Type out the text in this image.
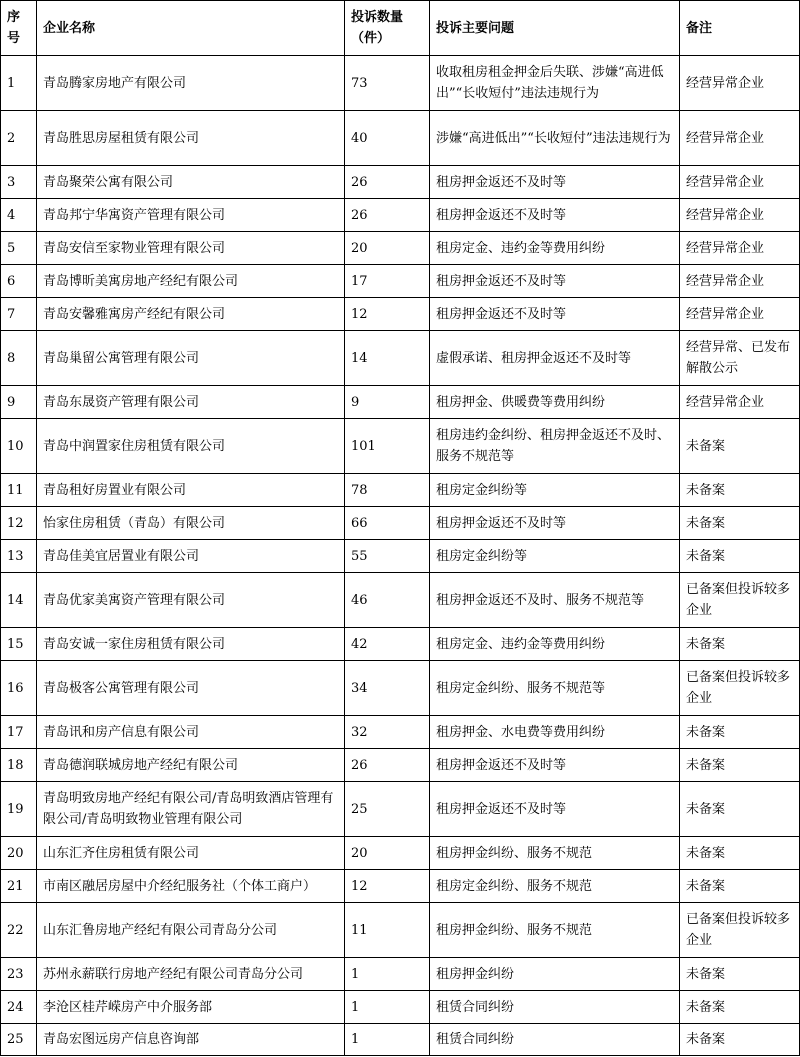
序号	企业名称	投诉数量（件）	投诉主要问题	备注
1	青岛腾家房地产有限公司	73	收取租房租金押金后失联、涉嫌“高进低出”“长收短付”违法违规行为	经营异常企业
2	青岛胜思房屋租赁有限公司	40	涉嫌“高进低出”“长收短付”违法违规行为	经营异常企业
3	青岛聚荣公寓有限公司	26	租房押金返还不及时等	经营异常企业
4	青岛邦宁华寓资产管理有限公司	26	租房押金返还不及时等	经营异常企业
5	青岛安信至家物业管理有限公司	20	租房定金、违约金等费用纠纷	经营异常企业
6	青岛博昕美寓房地产经纪有限公司	17	租房押金返还不及时等	经营异常企业
7	青岛安馨雅寓房产经纪有限公司	12	租房押金返还不及时等	经营异常企业
8	青岛巢留公寓管理有限公司	14	虚假承诺、租房押金返还不及时等	经营异常、已发布解散公示
9	青岛东晟资产管理有限公司	9	租房押金、供暖费等费用纠纷	经营异常企业
10	青岛中润置家住房租赁有限公司	101	租房违约金纠纷、租房押金返还不及时、服务不规范等	未备案
11	青岛租好房置业有限公司	78	租房定金纠纷等	未备案
12	怡家住房租赁（青岛）有限公司	66	租房押金返还不及时等	未备案
13	青岛佳美宜居置业有限公司	55	租房定金纠纷等	未备案
14	青岛优家美寓资产管理有限公司	46	租房押金返还不及时、服务不规范等	已备案但投诉较多企业
15	青岛安诚一家住房租赁有限公司	42	租房定金、违约金等费用纠纷	未备案
16	青岛极客公寓管理有限公司	34	租房定金纠纷、服务不规范等	已备案但投诉较多企业
17	青岛讯和房产信息有限公司	32	租房押金、水电费等费用纠纷	未备案
18	青岛德润联城房地产经纪有限公司	26	租房押金返还不及时等	未备案
19	青岛明致房地产经纪有限公司/青岛明致酒店管理有限公司/青岛明致物业管理有限公司	25	租房押金返还不及时等	未备案
20	山东汇齐住房租赁有限公司	20	租房押金纠纷、服务不规范	未备案
21	市南区融居房屋中介经纪服务社（个体工商户）	12	租房定金纠纷、服务不规范	未备案
22	山东汇鲁房地产经纪有限公司青岛分公司	11	租房押金纠纷、服务不规范	已备案但投诉较多企业
23	苏州永薪联行房地产经纪有限公司青岛分公司	1	租房押金纠纷	未备案
24	李沧区桂芹嵘房产中介服务部	1	租赁合同纠纷	未备案
25	青岛宏图远房产信息咨询部	1	租赁合同纠纷	未备案
